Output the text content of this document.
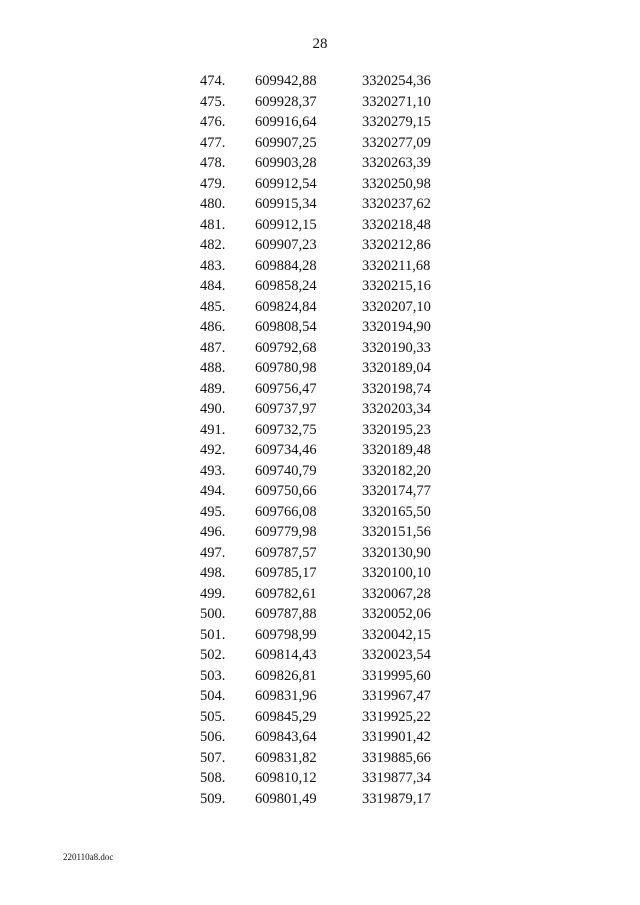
28
474. 609942,88	3320254,36
475. 609928,37	3320271,10
476. 609916,64	3320279,15
477. 609907,25	3320277,09
478. 609903,28	3320263,39
479. 609912,54	3320250,98
480. 609915,34	3320237,62
481. 609912,15	3320218,48
482. 609907,23	3320212,86
483. 609884,28	3320211,68
484. 609858,24	3320215,16
485. 609824,84	3320207,10
486. 609808,54	3320194,90
487. 609792,68	3320190,33
488. 609780,98	3320189,04
489. 609756,47	3320198,74
490. 609737,97	3320203,34
491. 609732,75	3320195,23
492. 609734,46	3320189,48
493. 609740,79	3320182,20
494. 609750,66	3320174,77
495. 609766,08	3320165,50
496. 609779,98	3320151,56
497. 609787,57	3320130,90
498. 609785,17	3320100,10
499. 609782,61	3320067,28
500. 609787,88	3320052,06
501. 609798,99	3320042,15
502. 609814,43	3320023,54
503. 609826,81	3319995,60
504. 609831,96	3319967,47
505. 609845,29	3319925,22
506. 609843,64	3319901,42
507. 609831,82	3319885,66
508. 609810,12	3319877,34
509. 609801,49	3319879,17
220110a8.doc
